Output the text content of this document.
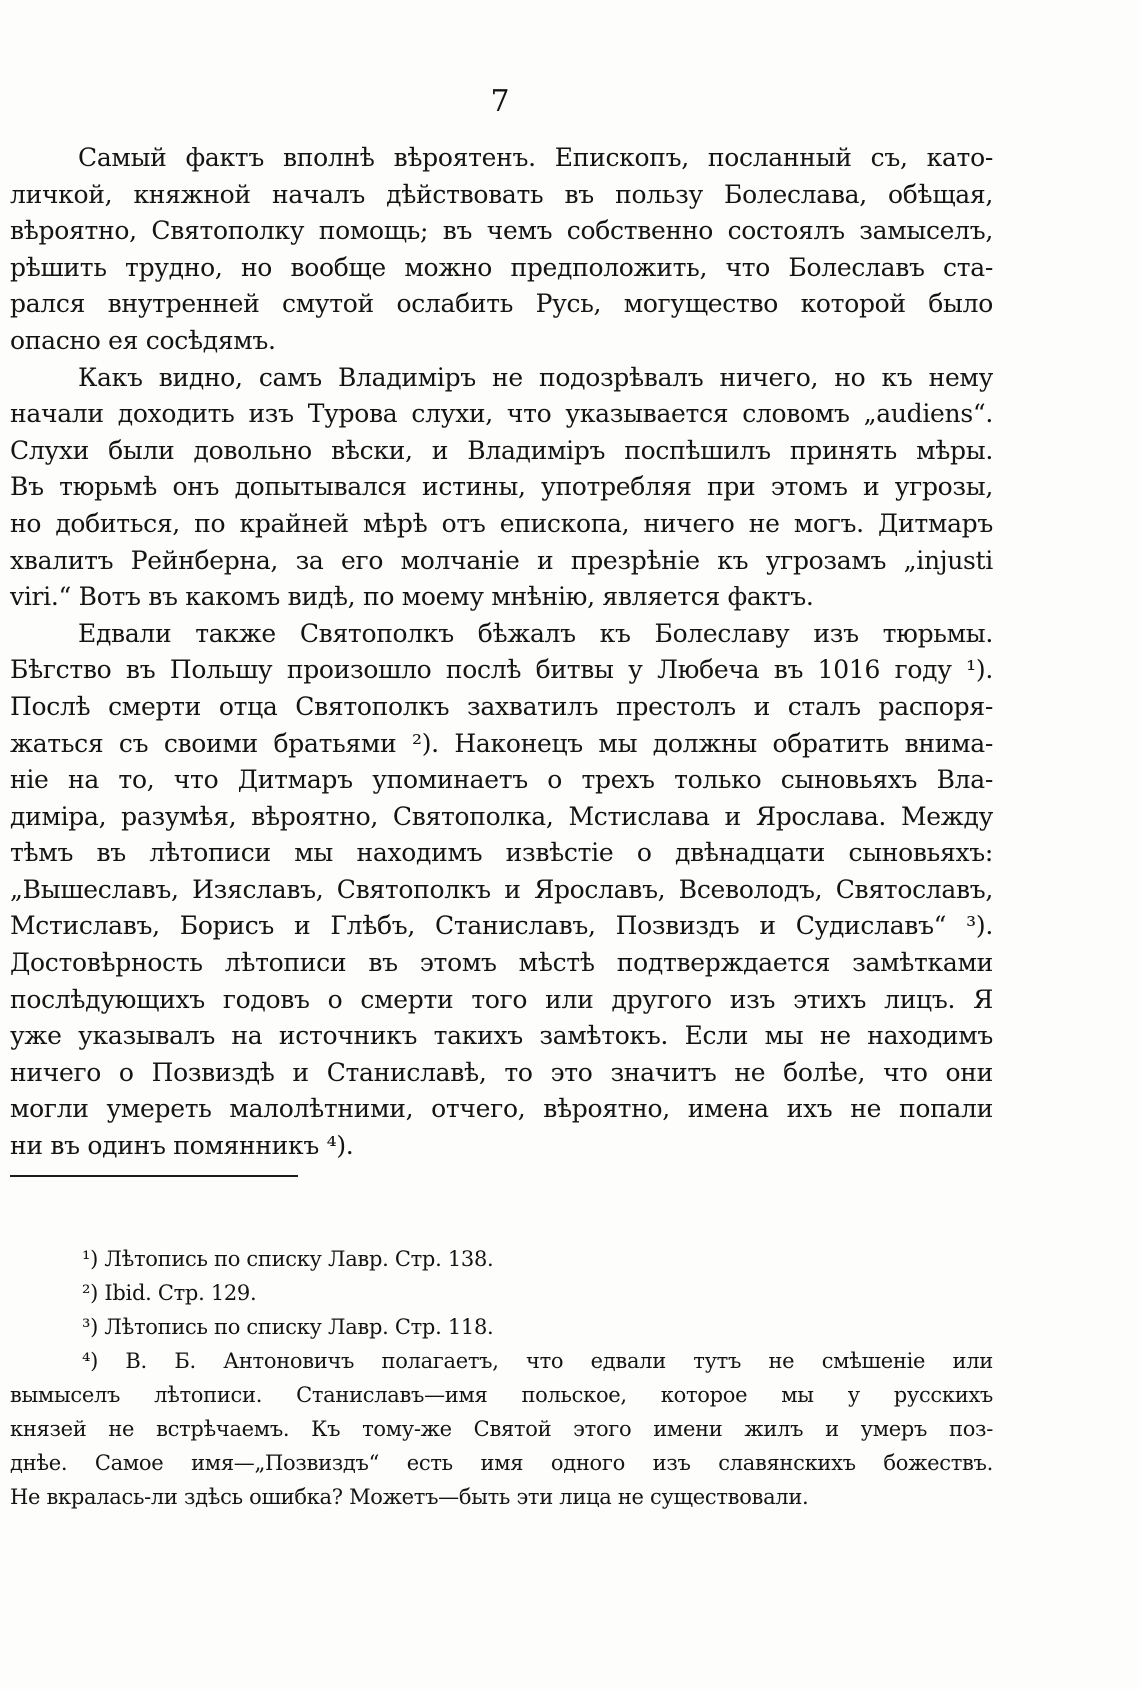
7
Самый фактъ вполнѣ вѣроятенъ. Епископъ, посланный съ, като-
личкой, княжной началъ дѣйствовать въ пользу Болеслава, обѣщая,
вѣроятно, Святополку помощь; въ чемъ собственно состоялъ замыселъ,
рѣшить трудно, но вообще можно предположить, что Болеславъ ста-
рался внутренней смутой ослабить Русь, могущество которой было
опасно ея сосѣдямъ.
Какъ видно, самъ Владимiръ не подозрѣвалъ ничего, но къ нему
начали доходить изъ Турова слухи, что указывается словомъ „audiens“.
Слухи были довольно вѣски, и Владимiръ поспѣшилъ принять мѣры.
Въ тюрьмѣ онъ допытывался истины, употребляя при этомъ и угрозы,
но добиться, по крайней мѣрѣ отъ епископа, ничего не могъ. Дитмаръ
хвалитъ Рейнберна, за его молчанiе и презрѣнiе къ угрозамъ „injusti
viri.“ Вотъ въ какомъ видѣ, по моему мнѣнiю, является фактъ.
Едвали также Святополкъ бѣжалъ къ Болеславу изъ тюрьмы.
Бѣгство въ Польшу произошло послѣ битвы у Любеча въ 1016 году ¹).
Послѣ смерти отца Святополкъ захватилъ престолъ и сталъ распоря-
жаться съ своими братьями ²). Наконецъ мы должны обратить внима-
нiе на то, что Дитмаръ упоминаетъ о трехъ только сыновьяхъ Вла-
димiра, разумѣя, вѣроятно, Святополка, Мстислава и Ярослава. Между
тѣмъ въ лѣтописи мы находимъ извѣстiе о двѣнадцати сыновьяхъ:
„Вышеславъ, Изяславъ, Святополкъ и Ярославъ, Всеволодъ, Святославъ,
Мстиславъ, Борисъ и Глѣбъ, Станиславъ, Позвиздъ и Судиславъ“ ³).
Достовѣрность лѣтописи въ этомъ мѣстѣ подтверждается замѣтками
послѣдующихъ годовъ о смерти того или другого изъ этихъ лицъ. Я
уже указывалъ на источникъ такихъ замѣтокъ. Если мы не находимъ
ничего о Позвиздѣ и Станиславѣ, то это значитъ не болѣе, что они
могли умереть малолѣтними, отчего, вѣроятно, имена ихъ не попали
ни въ одинъ помянникъ ⁴).
¹) Лѣтопись по списку Лавр. Стр. 138.
²) Ibid. Стр. 129.
³) Лѣтопись по списку Лавр. Стр. 118.
⁴) В. Б. Антоновичъ полагаетъ, что едвали тутъ не смѣшенiе или
вымыселъ лѣтописи. Станиславъ—имя польское, которое мы у русскихъ
князей не встрѣчаемъ. Къ тому-же Святой этого имени жилъ и умеръ поз-
днѣе. Самое имя—„Позвиздъ“ есть имя одного изъ славянскихъ божествъ.
Не вкралась-ли здѣсь ошибка? Можетъ—быть эти лица не существовали.
